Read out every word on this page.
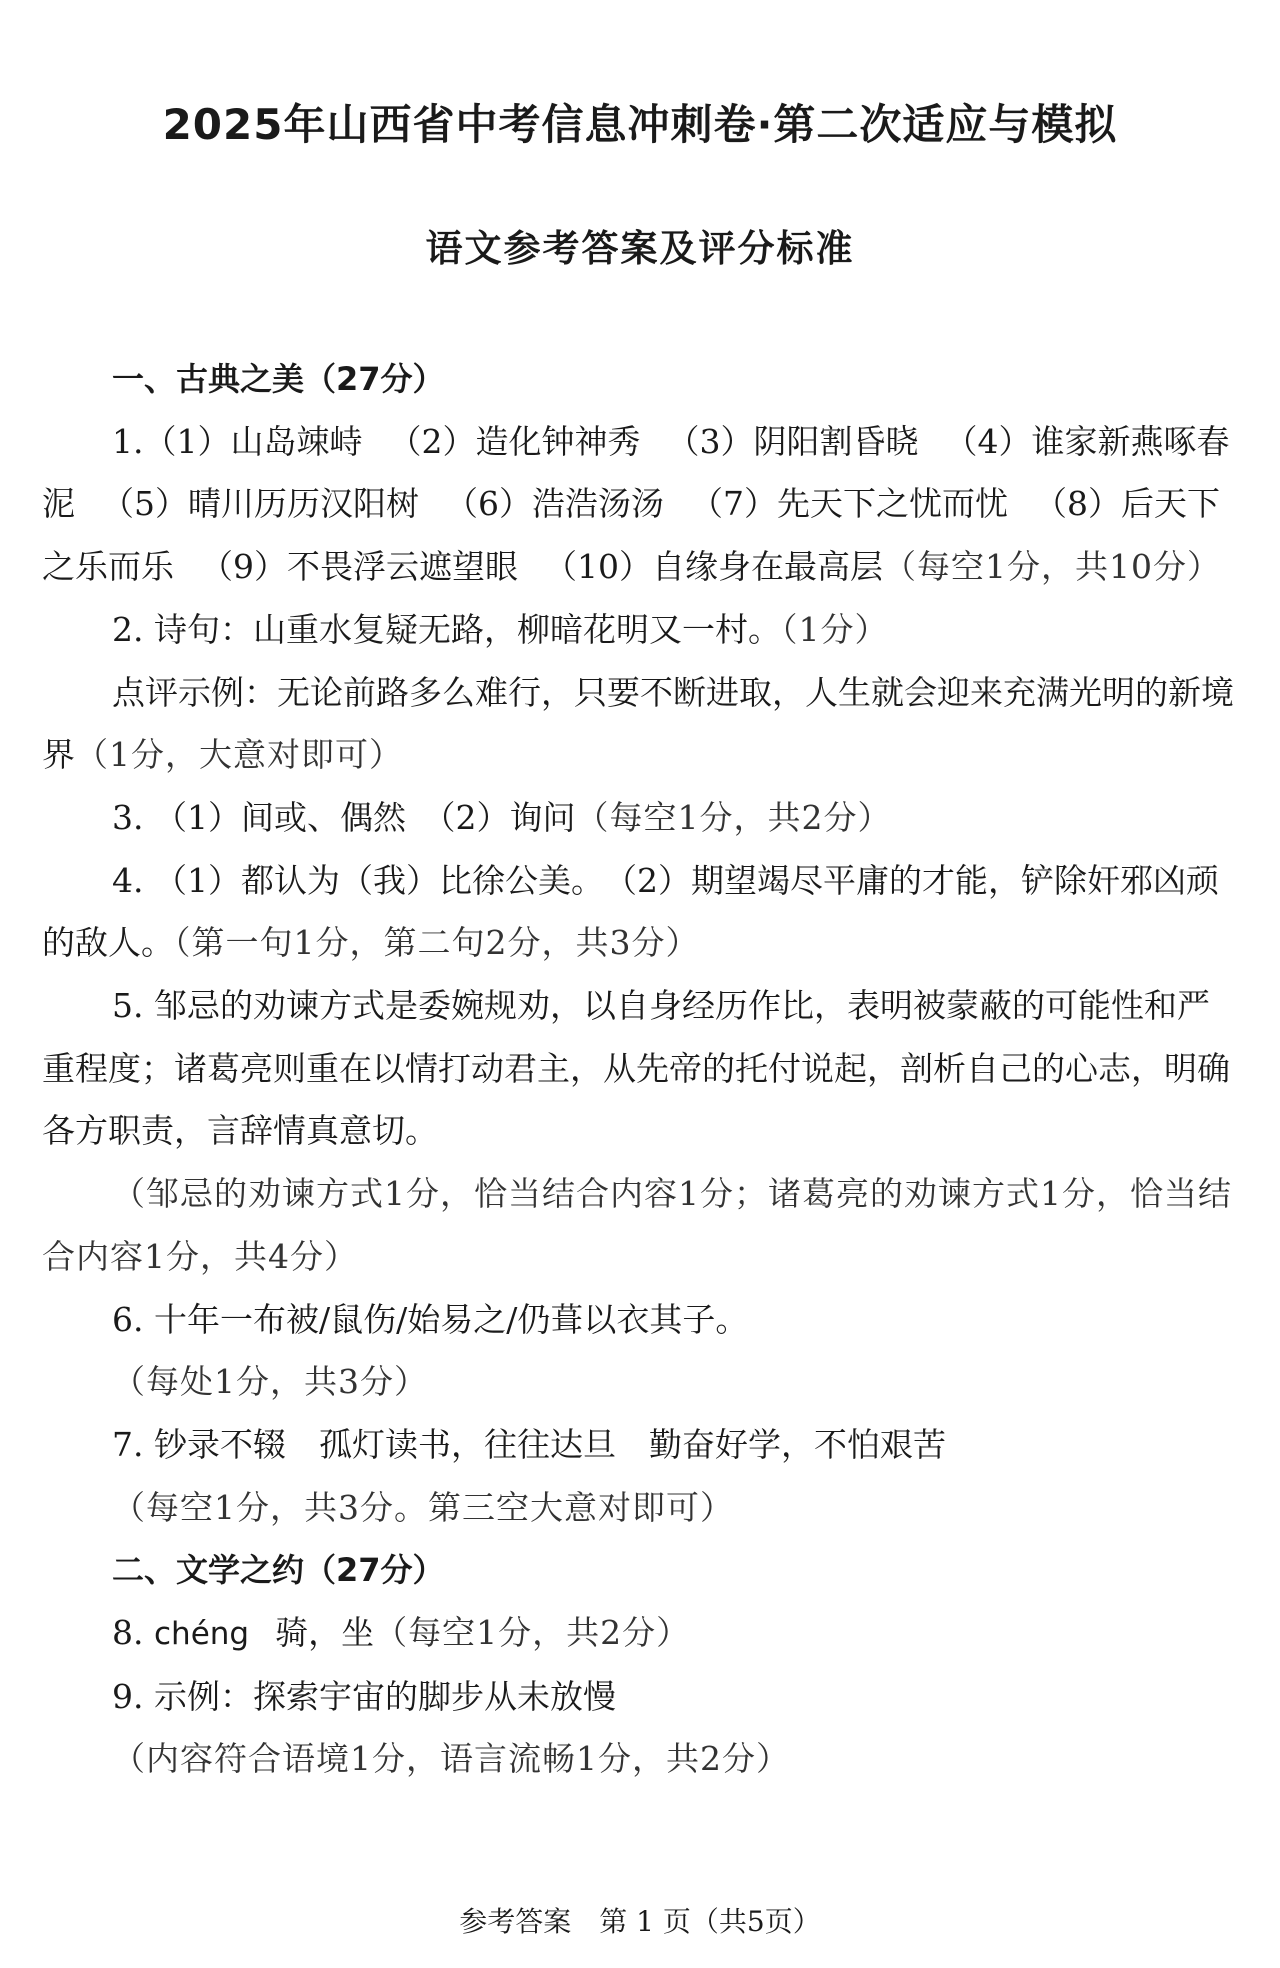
2025年山西省中考信息冲刺卷·第二次适应与模拟
语文参考答案及评分标准

一、古典之美（27分）

1.（1）山岛竦峙 （2）造化钟神秀 （3）阴阳割昏晓 （4）谁家新燕啄春泥 （5）晴川历历汉阳树 （6）浩浩汤汤 （7）先天下之忧而忧 （8）后天下之乐而乐 （9）不畏浮云遮望眼 （10）自缘身在最高层（每空1分，共10分）

2. 诗句：山重水复疑无路，柳暗花明又一村。（1分）

点评示例：无论前路多么难行，只要不断进取，人生就会迎来充满光明的新境界（1分，大意对即可）

3. （1）间或、偶然　（2）询问（每空1分，共2分）

4. （1）都认为（我）比徐公美。　（2）期望竭尽平庸的才能，铲除奸邪凶顽的敌人。（第一句1分，第二句2分，共3分）

5. 邹忌的劝谏方式是委婉规劝，以自身经历作比，表明被蒙蔽的可能性和严重程度；诸葛亮则重在以情打动君主，从先帝的托付说起，剖析自己的心志，明确各方职责，言辞情真意切。

（邹忌的劝谏方式1分，恰当结合内容1分；诸葛亮的劝谏方式1分，恰当结合内容1分，共4分）

6. 十年一布被/鼠伤/始易之/仍葺以衣其子。

（每处1分，共3分）

7. 钞录不辍　孤灯读书，往往达旦　勤奋好学，不怕艰苦

（每空1分，共3分。第三空大意对即可）

二、文学之约（27分）

8. chéng 骑，坐（每空1分，共2分）

9. 示例：探索宇宙的脚步从未放慢

（内容符合语境1分，语言流畅1分，共2分）

参考答案　第 1 页（共5页）
